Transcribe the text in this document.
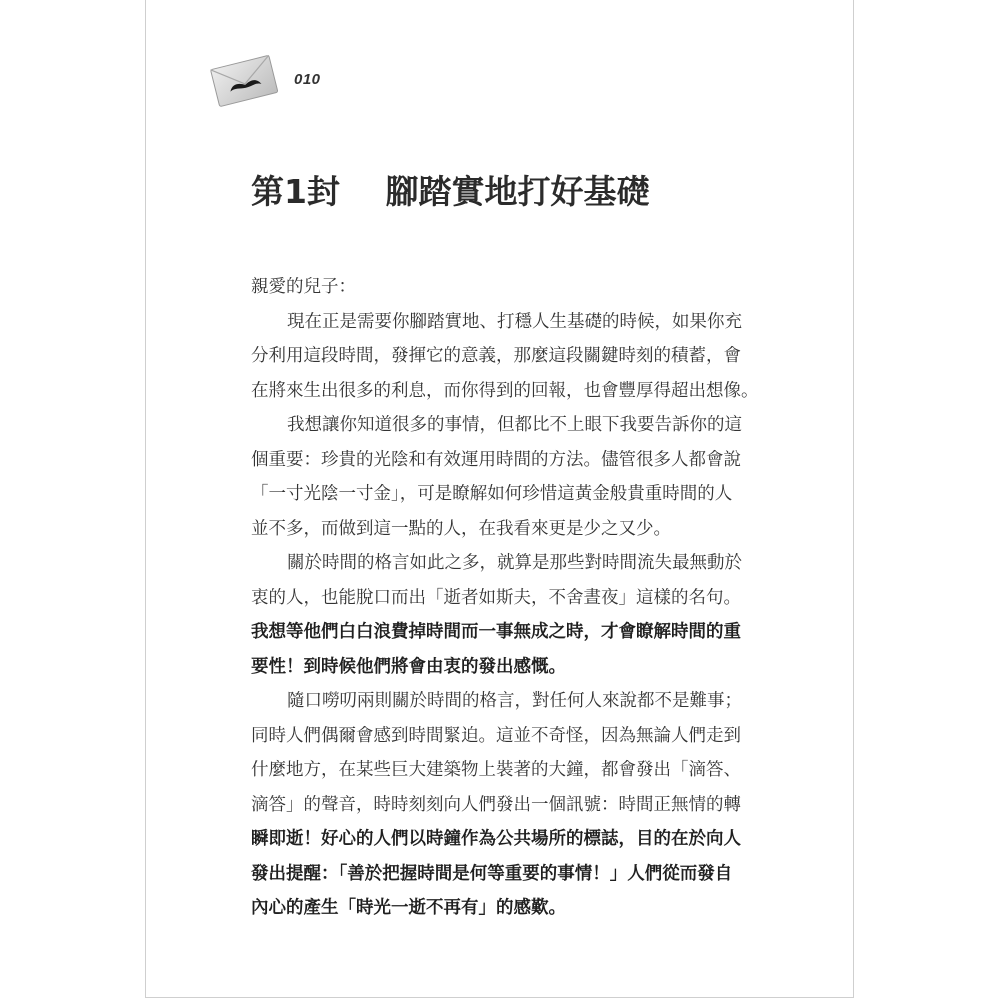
010
第1封 腳踏實地打好基礎
親愛的兒子：
現在正是需要你腳踏實地、打穩人生基礎的時候，如果你充
分利用這段時間，發揮它的意義，那麼這段關鍵時刻的積蓄，會
在將來生出很多的利息，而你得到的回報，也會豐厚得超出想像。
我想讓你知道很多的事情，但都比不上眼下我要告訴你的這
個重要：珍貴的光陰和有效運用時間的方法。儘管很多人都會說
「一寸光陰一寸金」，可是瞭解如何珍惜這黃金般貴重時間的人
並不多，而做到這一點的人，在我看來更是少之又少。
關於時間的格言如此之多，就算是那些對時間流失最無動於
衷的人，也能脫口而出「逝者如斯夫，不舍晝夜」這樣的名句。
我想等他們白白浪費掉時間而一事無成之時，才會瞭解時間的重
要性！到時候他們將會由衷的發出感慨。
隨口嘮叨兩則關於時間的格言，對任何人來說都不是難事；
同時人們偶爾會感到時間緊迫。這並不奇怪，因為無論人們走到
什麼地方，在某些巨大建築物上裝著的大鐘，都會發出「滴答、
滴答」的聲音，時時刻刻向人們發出一個訊號：時間正無情的轉
瞬即逝！好心的人們以時鐘作為公共場所的標誌，目的在於向人
發出提醒：「善於把握時間是何等重要的事情！」人們從而發自
內心的產生「時光一逝不再有」的感歎。
